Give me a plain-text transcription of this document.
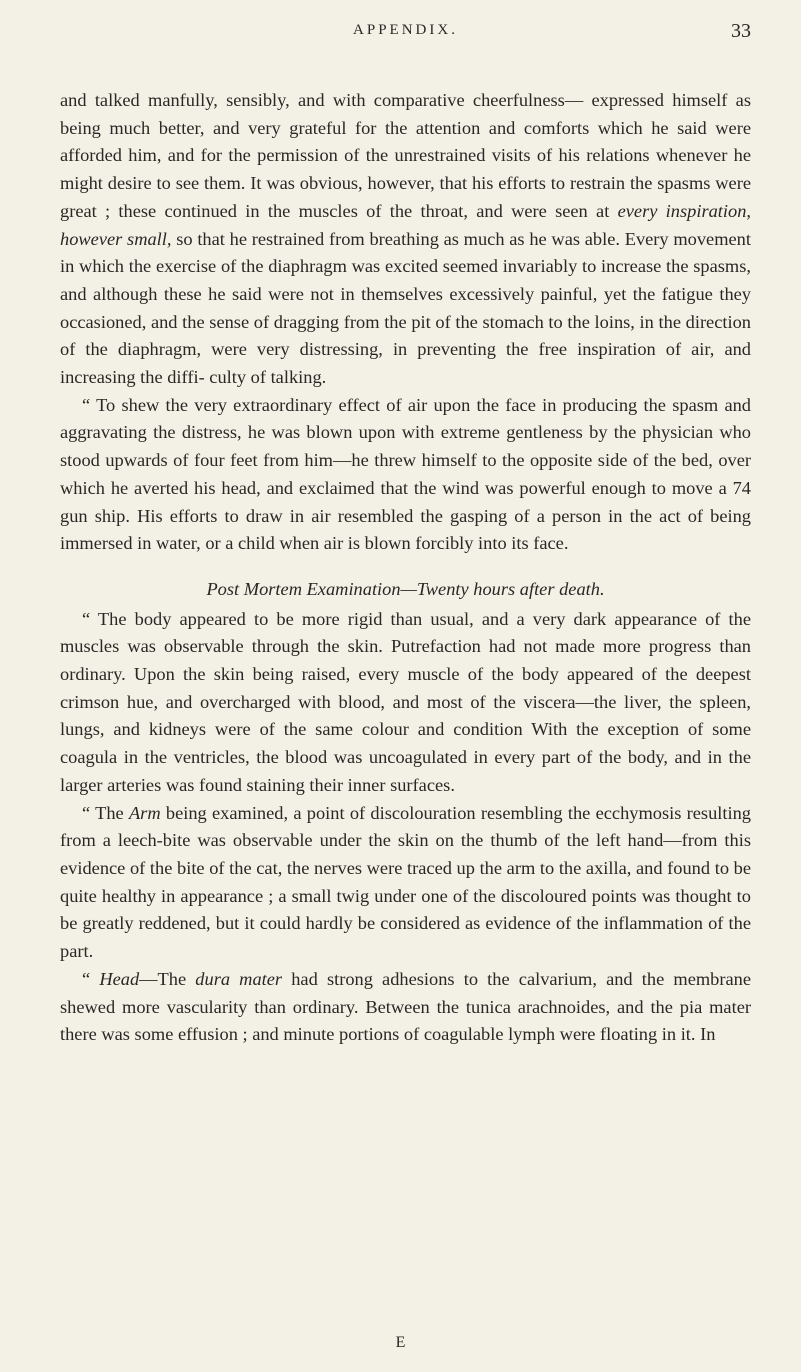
APPENDIX.	33

and talked manfully, sensibly, and with comparative cheerfulness— expressed himself as being much better, and very grateful for the attention and comforts which he said were afforded him, and for the permission of the unrestrained visits of his relations whenever he might desire to see them. It was obvious, however, that his efforts to restrain the spasms were great ; these continued in the muscles of the throat, and were seen at every inspiration, however small, so that he restrained from breathing as much as he was able. Every movement in which the exercise of the diaphragm was excited seemed invariably to increase the spasms, and although these he said were not in themselves excessively painful, yet the fatigue they occasioned, and the sense of dragging from the pit of the stomach to the loins, in the direction of the diaphragm, were very distressing, in preventing the free inspiration of air, and increasing the diffi- culty of talking.

“ To shew the very extraordinary effect of air upon the face in producing the spasm and aggravating the distress, he was blown upon with extreme gentleness by the physician who stood upwards of four feet from him—he threw himself to the opposite side of the bed, over which he averted his head, and exclaimed that the wind was powerful enough to move a 74 gun ship. His efforts to draw in air resembled the gasping of a person in the act of being immersed in water, or a child when air is blown forcibly into its face.

Post Mortem Examination—Twenty hours after death.

“ The body appeared to be more rigid than usual, and a very dark appearance of the muscles was observable through the skin. Putrefaction had not made more progress than ordinary. Upon the skin being raised, every muscle of the body appeared of the deepest crimson hue, and overcharged with blood, and most of the viscera—the liver, the spleen, lungs, and kidneys were of the same colour and condition With the exception of some coagula in the ventricles, the blood was uncoagulated in every part of the body, and in the larger arteries was found staining their inner surfaces.

“ The Arm being examined, a point of discolouration resembling the ecchymosis resulting from a leech-bite was observable under the skin on the thumb of the left hand—from this evidence of the bite of the cat, the nerves were traced up the arm to the axilla, and found to be quite healthy in appearance ; a small twig under one of the discoloured points was thought to be greatly reddened, but it could hardly be considered as evidence of the inflammation of the part.

“ Head—The dura mater had strong adhesions to the calvarium, and the membrane shewed more vascularity than ordinary. Between the tunica arachnoides, and the pia mater there was some effusion ; and minute portions of coagulable lymph were floating in it. In

E
